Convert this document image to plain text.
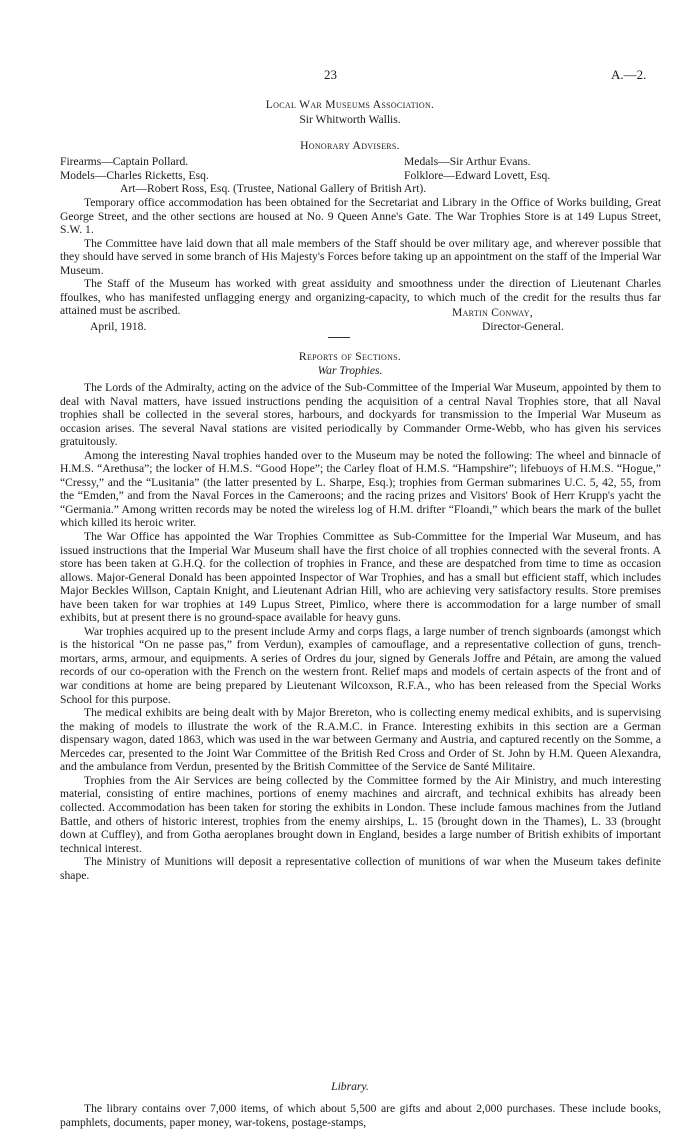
23	A.—2.
Local War Museums Association.
Sir Whitworth Wallis.
Honorary Advisers.
Firearms—Captain Pollard.	Medals—Sir Arthur Evans.
Models—Charles Ricketts, Esq.	Folklore—Edward Lovett, Esq.
Art—Robert Ross, Esq. (Trustee, National Gallery of British Art).

Temporary office accommodation has been obtained for the Secretariat and Library in the Office of Works building, Great George Street, and the other sections are housed at No. 9 Queen Anne's Gate. The War Trophies Store is at 149 Lupus Street, S.W. 1.

The Committee have laid down that all male members of the Staff should be over military age, and wherever possible that they should have served in some branch of His Majesty's Forces before taking up an appointment on the staff of the Imperial War Museum.

The Staff of the Museum has worked with great assiduity and smoothness under the direction of Lieutenant Charles ffoulkes, who has manifested unflagging energy and organizing-capacity, to which much of the credit for the results thus far attained must be ascribed.	Martin Conway,
April, 1918.	Director-General.
Reports of Sections.
War Trophies.

The Lords of the Admiralty, acting on the advice of the Sub-Committee of the Imperial War Museum, appointed by them to deal with Naval matters, have issued instructions pending the acquisition of a central Naval Trophies store, that all Naval trophies shall be collected in the several stores, harbours, and dockyards for transmission to the Imperial War Museum as occasion arises. The several Naval stations are visited periodically by Commander Orme-Webb, who has given his services gratuitously.

Among the interesting Naval trophies handed over to the Museum may be noted the following: The wheel and binnacle of H.M.S. “Arethusa”; the locker of H.M.S. “Good Hope”; the Carley float of H.M.S. “Hampshire”; lifebuoys of H.M.S. “Hogue,” “Cressy,” and the “Lusitania” (the latter presented by L. Sharpe, Esq.); trophies from German submarines U.C. 5, 42, 55, from the “Emden,” and from the Naval Forces in the Cameroons; and the racing prizes and Visitors' Book of Herr Krupp's yacht the “Germania.” Among written records may be noted the wireless log of H.M. drifter “Floandi,” which bears the mark of the bullet which killed its heroic writer.

The War Office has appointed the War Trophies Committee as Sub-Committee for the Imperial War Museum, and has issued instructions that the Imperial War Museum shall have the first choice of all trophies connected with the several fronts. A store has been taken at G.H.Q. for the collection of trophies in France, and these are despatched from time to time as occasion allows. Major-General Donald has been appointed Inspector of War Trophies, and has a small but efficient staff, which includes Major Beckles Willson, Captain Knight, and Lieutenant Adrian Hill, who are achieving very satisfactory results. Store premises have been taken for war trophies at 149 Lupus Street, Pimlico, where there is accommodation for a large number of small exhibits, but at present there is no ground-space available for heavy guns.

War trophies acquired up to the present include Army and corps flags, a large number of trench signboards (amongst which is the historical “On ne passe pas,” from Verdun), examples of camouflage, and a representative collection of guns, trench-mortars, arms, armour, and equipments. A series of Ordres du jour, signed by Generals Joffre and Pétain, are among the valued records of our co-operation with the French on the western front. Relief maps and models of certain aspects of the front and of war conditions at home are being prepared by Lieutenant Wilcoxson, R.F.A., who has been released from the Special Works School for this purpose.

The medical exhibits are being dealt with by Major Brereton, who is collecting enemy medical exhibits, and is supervising the making of models to illustrate the work of the R.A.M.C. in France. Interesting exhibits in this section are a German dispensary wagon, dated 1863, which was used in the war between Germany and Austria, and captured recently on the Somme, a Mercedes car, presented to the Joint War Committee of the British Red Cross and Order of St. John by H.M. Queen Alexandra, and the ambulance from Verdun, presented by the British Committee of the Service de Santé Militaire.

Trophies from the Air Services are being collected by the Committee formed by the Air Ministry, and much interesting material, consisting of entire machines, portions of enemy machines and aircraft, and technical exhibits has already been collected. Accommodation has been taken for storing the exhibits in London. These include famous machines from the Jutland Battle, and others of historic interest, trophies from the enemy airships, L. 15 (brought down in the Thames), L. 33 (brought down at Cuffley), and from Gotha aeroplanes brought down in England, besides a large number of British exhibits of important technical interest.

The Ministry of Munitions will deposit a representative collection of munitions of war when the Museum takes definite shape.

Library.

The library contains over 7,000 items, of which about 5,500 are gifts and about 2,000 purchases. These include books, pamphlets, documents, paper money, war-tokens, postage-stamps,
